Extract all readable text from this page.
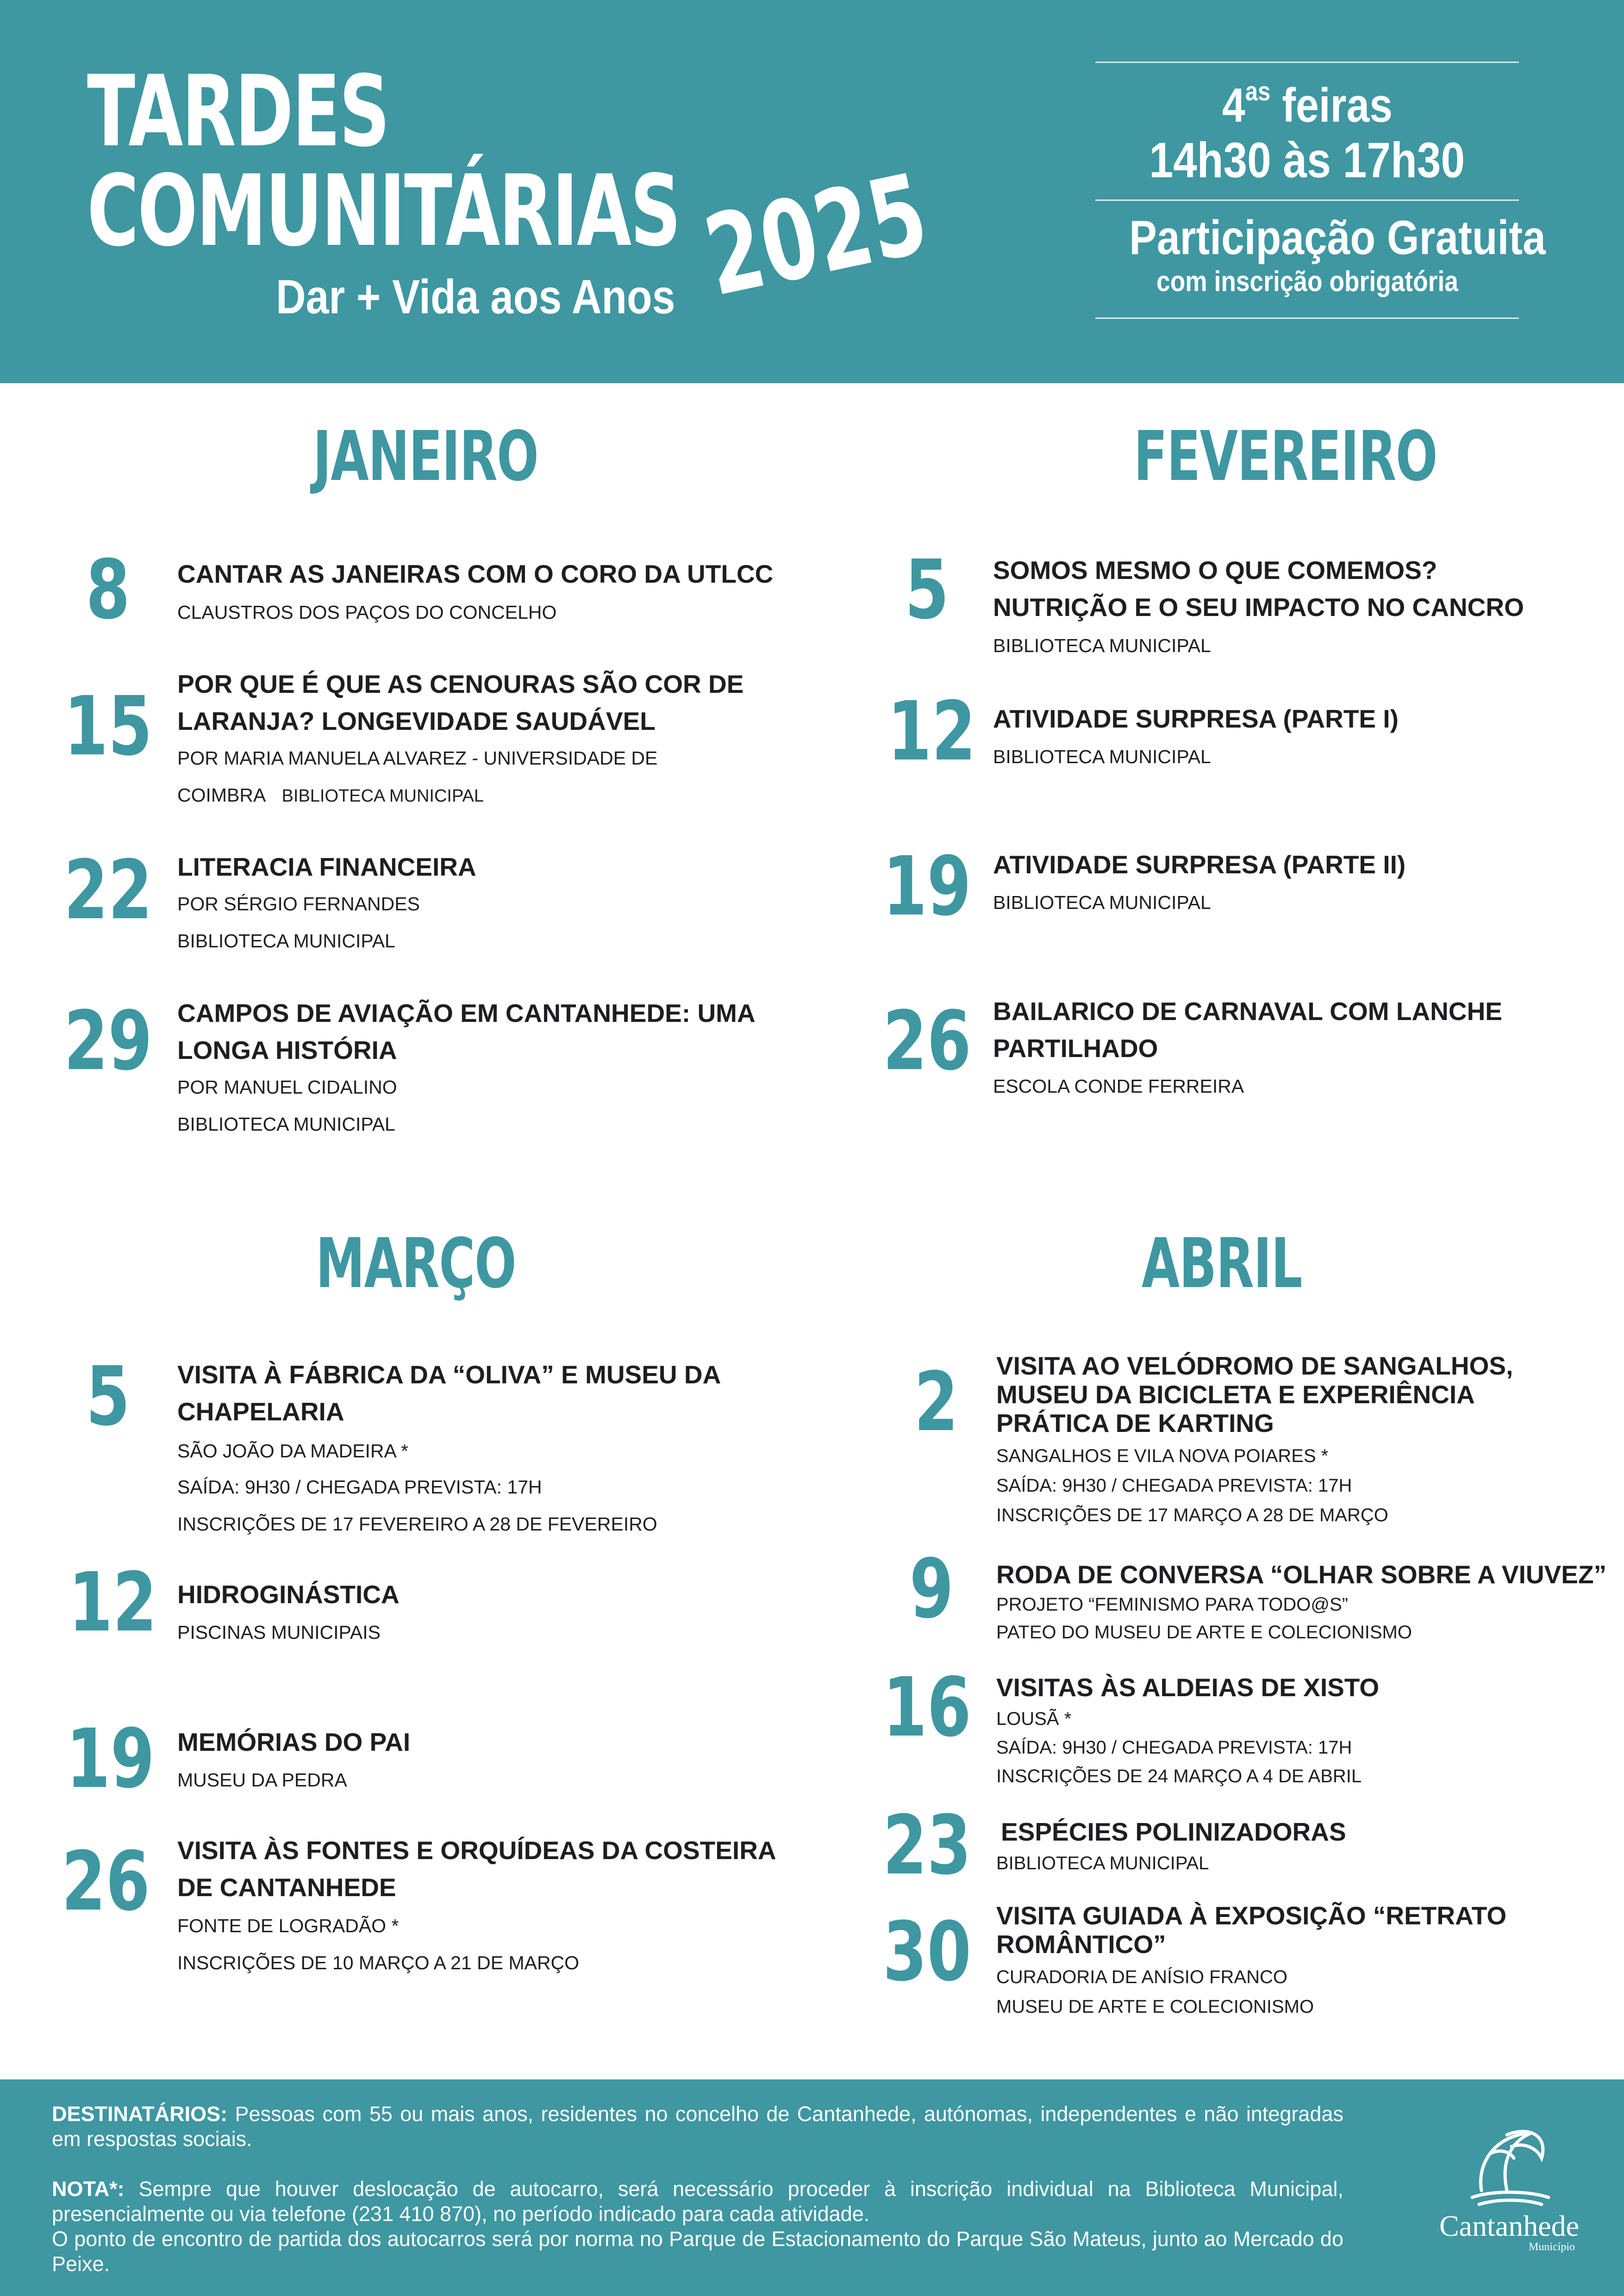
TARDES
COMUNITÁRIAS
Dar + Vida aos Anos 2025
$4^{as}$ feiras
14h30 às 17h30
Participação Gratuita
com inscrição obrigatória
JANEIRO
8	CANTAR AS JANEIRAS COM O CORO DA UTLCC
CLAUSTROS DOS PAÇOS DO CONCELHO
15 POR QUE É QUE AS CENOURAS SÃO COR DE LARANJA? LONGEVIDADE SAUDÁVEL
POR MARIA MANUELA ALVAREZ - UNIVERSIDADE DE
COIMBRA BIBLIOTECA MUNICIPAL
22 LITERACIA FINANCEIRA
POR SÉRGIO FERNANDES
BIBLIOTECA MUNICIPAL
29 CAMPOS DE AVIAÇÃO EM CANTANHEDE: UMA LONGA HISTÓRIA
POR MANUEL CIDALINO
BIBLIOTECA MUNICIPAL
FEVEREIRO
5	SOMOS MESMO O QUE COMEMOS? NUTRIÇÃO E O SEU IMPACTO NO CANCRO
BIBLIOTECA MUNICIPAL
12 ATIVIDADE SURPRESA (PARTE I)
BIBLIOTECA MUNICIPAL
19 ATIVIDADE SURPRESA (PARTE II)
BIBLIOTECA MUNICIPAL
26 BAILARICO DE CARNAVAL COM LANCHE PARTILHADO
ESCOLA CONDE FERREIRA
MARÇO
5	VISITA À FÁBRICA DA “OLIVA” E MUSEU DA CHAPELARIA
SÃO JOÃO DA MADEIRA *
SAÍDA: 9H30 / CHEGADA PREVISTA: 17H
INSCRIÇÕES DE 17 FEVEREIRO A 28 DE FEVEREIRO
12 HIDROGINÁSTICA
PISCINAS MUNICIPAIS
19 MEMÓRIAS DO PAI
MUSEU DA PEDRA
26	VISITA ÀS FONTES E ORQUÍDEAS DA COSTEIRA DE CANTANHEDE
FONTE DE LOGRADÃO *
INSCRIÇÕES DE 10 MARÇO A 21 DE MARÇO
ABRIL
2	VISITA AO VELÓDROMO DE SANGALHOS, MUSEU DA BICICLETA E EXPERIÊNCIA PRÁTICA DE KARTING
SANGALHOS E VILA NOVA POIARES *
SAÍDA: 9H30 / CHEGADA PREVISTA: 17H
INSCRIÇÕES DE 17 MARÇO A 28 DE MARÇO
9	RODA DE CONVERSA “OLHAR SOBRE A VIUVEZ”
PROJETO “FEMINISMO PARA TODO@S”
PATEO DO MUSEU DE ARTE E COLECIONISMO
16 VISITAS ÀS ALDEIAS DE XISTO
LOUSÃ *
SAÍDA: 9H30 / CHEGADA PREVISTA: 17H
INSCRIÇÕES DE 24 MARÇO A 4 DE ABRIL
23	ESPÉCIES POLINIZADORAS
BIBLIOTECA MUNICIPAL
30 VISITA GUIADA À EXPOSIÇÃO “RETRATO ROMÂNTICO”
CURADORIA DE ANÍSIO FRANCO
MUSEU DE ARTE E COLECIONISMO
DESTINATÁRIOS: Pessoas com 55 ou mais anos, residentes no concelho de Cantanhede, autónomas, independentes e não integradas em respostas sociais.
NOTA*: Sempre que houver deslocação de autocarro, será necessário proceder à inscrição individual na Biblioteca Municipal, presencialmente ou via telefone (231 410 870), no período indicado para cada atividade.
O ponto de encontro de partida dos autocarros será por norma no Parque de Estacionamento do Parque São Mateus, junto ao Mercado do Peixe.
Cantanhede
Município
